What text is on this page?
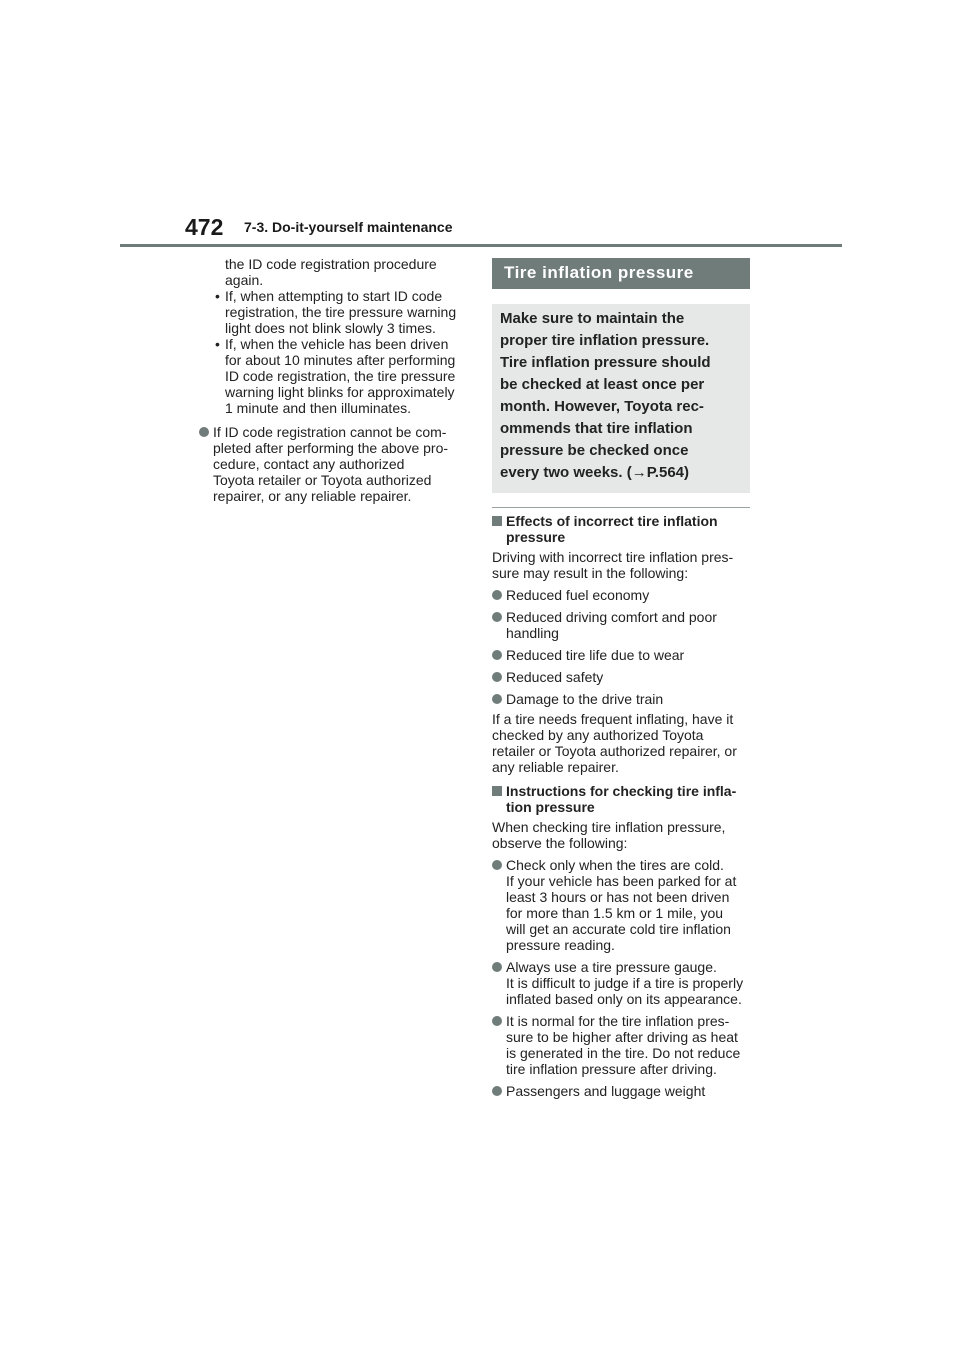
472 7-3. Do-it-yourself maintenance
the ID code registration procedure
again.
• If, when attempting to start ID code
registration, the tire pressure warning
light does not blink slowly 3 times.
• If, when the vehicle has been driven
for about 10 minutes after performing
ID code registration, the tire pressure
warning light blinks for approximately
1 minute and then illuminates.
If ID code registration cannot be com-
pleted after performing the above pro-
cedure, contact any authorized
Toyota retailer or Toyota authorized
repairer, or any reliable repairer.
Tire inflation pressure
Make sure to maintain the
proper tire inflation pressure.
Tire inflation pressure should
be checked at least once per
month. However, Toyota rec-
ommends that tire inflation
pressure be checked once
every two weeks. (→P.564)
Effects of incorrect tire inflation
pressure
Driving with incorrect tire inflation pres-
sure may result in the following:
Reduced fuel economy
Reduced driving comfort and poor
handling
Reduced tire life due to wear
Reduced safety
Damage to the drive train
If a tire needs frequent inflating, have it
checked by any authorized Toyota
retailer or Toyota authorized repairer, or
any reliable repairer.
Instructions for checking tire infla-
tion pressure
When checking tire inflation pressure,
observe the following:
Check only when the tires are cold.
If your vehicle has been parked for at
least 3 hours or has not been driven
for more than 1.5 km or 1 mile, you
will get an accurate cold tire inflation
pressure reading.
Always use a tire pressure gauge.
It is difficult to judge if a tire is properly
inflated based only on its appearance.
It is normal for the tire inflation pres-
sure to be higher after driving as heat
is generated in the tire. Do not reduce
tire inflation pressure after driving.
Passengers and luggage weight
